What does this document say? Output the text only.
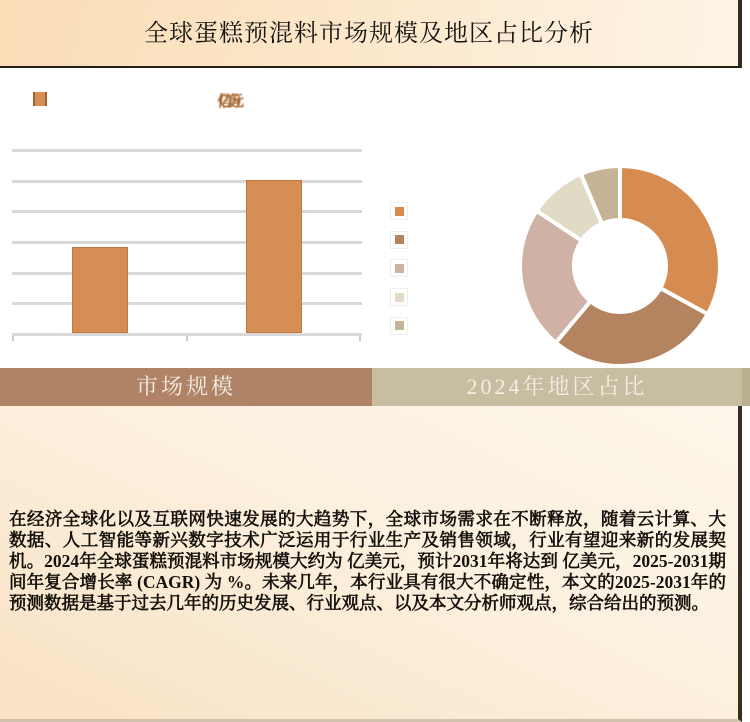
全球蛋糕预混料市场规模及地区占比分析
（亿美元）
市场规模	2024年地区占比
在经济全球化以及互联网快速发展的大趋势下，全球市场需求在不断释放，随着云计算、大数据、人工智能等新兴数字技术广泛运用于行业生产及销售领域，行业有望迎来新的发展契机。2024年全球蛋糕预混料市场规模大约为 亿美元，预计2031年将达到 亿美元，2025-2031期间年复合增长率 (CAGR) 为 %。未来几年，本行业具有很大不确定性，本文的2025-2031年的预测数据是基于过去几年的历史发展、行业观点、以及本文分析师观点，综合给出的预测。
